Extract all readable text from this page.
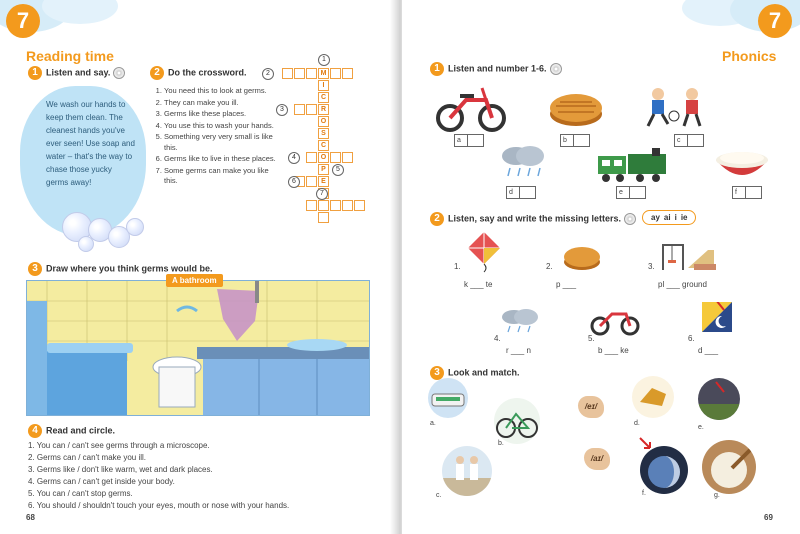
7
Reading time
1 Listen and say.
We wash our hands to keep them clean. The cleanest hands you've ever seen! Use soap and water – that's the way to chase those yucky germs away!
2 Do the crossword.
1. You need this to look at germs.
2. They can make you ill.
3. Germs like these places.
4. You use this to wash your hands.
5. Something very very small is like this.
6. Germs like to live in these places.
7. Some germs can make you like this.
3 Draw where you think germs would be.
A bathroom
4 Read and circle.
1. You can / can't see germs through a microscope.
2. Germs can / can't make you ill.
3. Germs like / don't like warm, wet and dark places.
4. Germs can / can't get inside your body.
5. You can / can't stop germs.
6. You should / shouldn't touch your eyes, mouth or nose with your hands.
68
M
I
C
R
O
S
C
O
P
E
1
2
3
4
5
6
7
7
Phonics
1 Listen and number 1-6.
a	b	c
d	e	f
2 Listen, say and write the missing letters.	ay ai i ie
1.
k ___ te
2.
p ___
3.
pl ___ ground
4.
r ___ n
5.
b ___ ke
6.
d ___
3 Look and match.
a.
b.
/eɪ/
/aɪ/
d.
e.
c.	f.	g.
69
